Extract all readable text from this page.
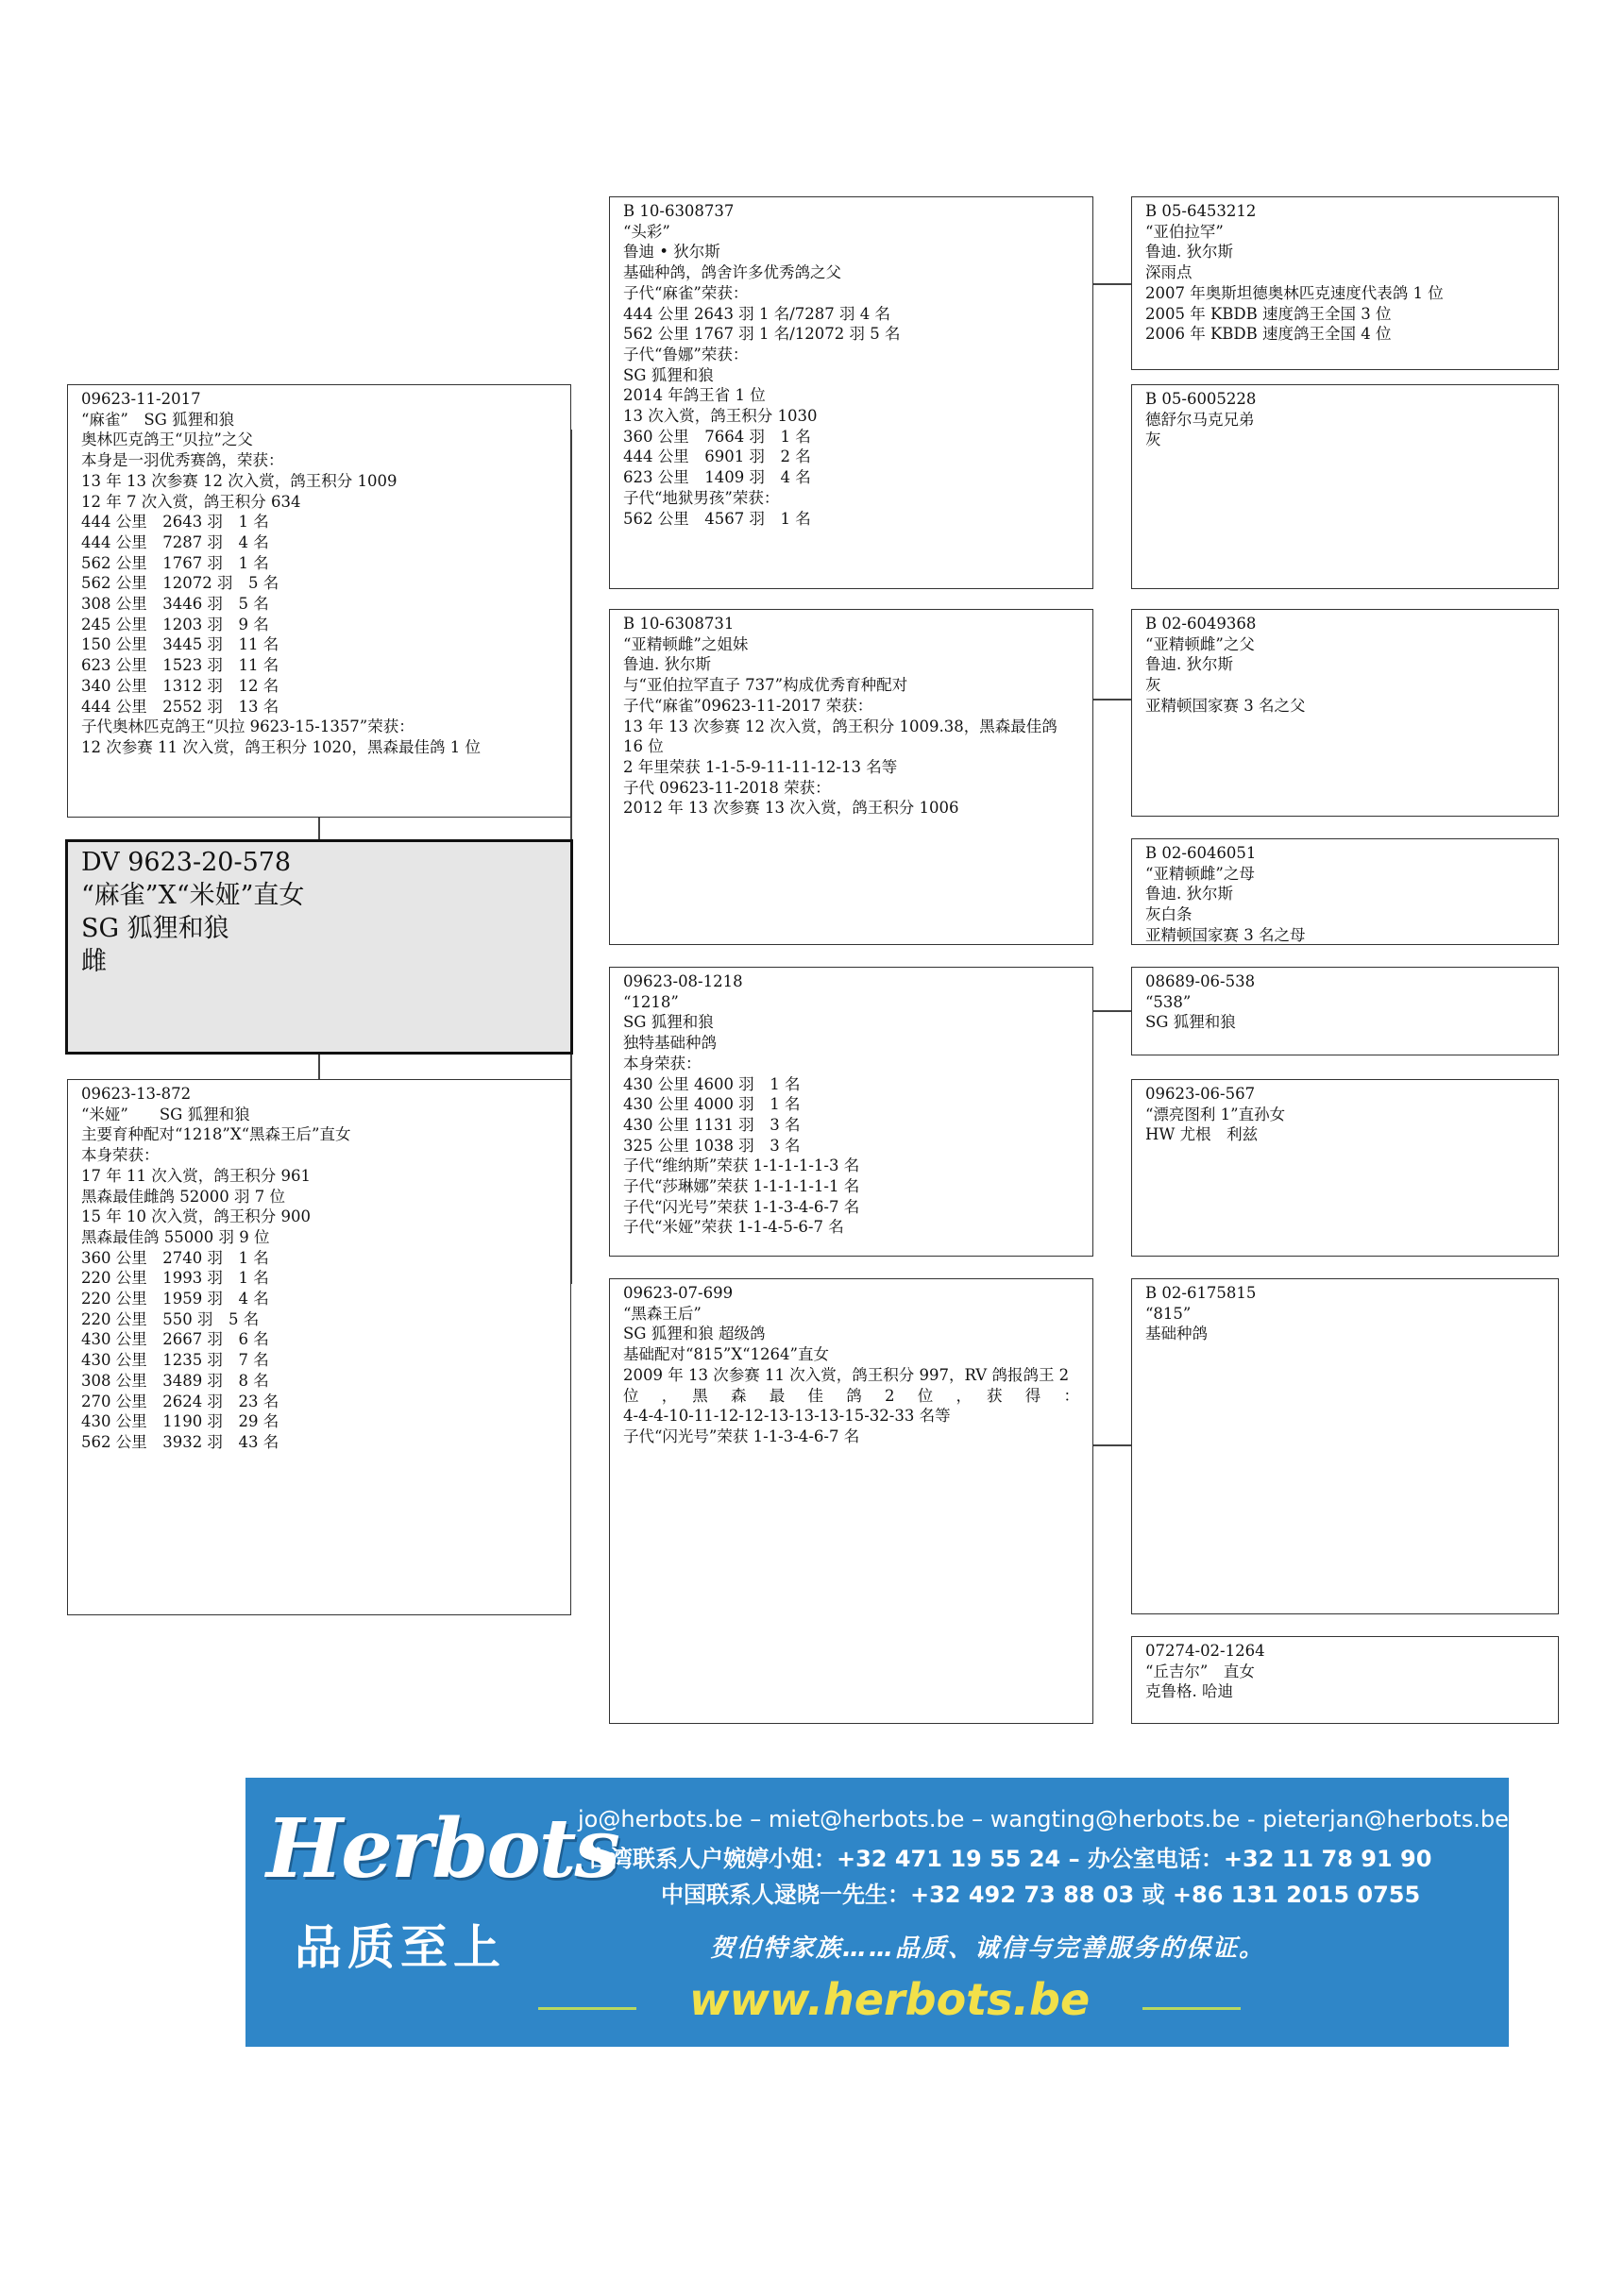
09623-11-2017
“麻雀”　SG 狐狸和狼
奥林匹克鸽王“贝拉”之父
本身是一羽优秀赛鸽，荣获：
13 年 13 次参赛 12 次入赏，鸽王积分 1009
12 年 7 次入赏，鸽王积分 634
444 公里　2643 羽　1 名
444 公里　7287 羽　4 名
562 公里　1767 羽　1 名
562 公里　12072 羽　5 名
308 公里　3446 羽　5 名
245 公里　1203 羽　9 名
150 公里　3445 羽　11 名
623 公里　1523 羽　11 名
340 公里　1312 羽　12 名
444 公里　2552 羽　13 名
子代奥林匹克鸽王“贝拉 9623-15-1357”荣获：
12 次参赛 11 次入赏，鸽王积分 1020，黑森最佳鸽 1 位
DV 9623-20-578
“麻雀”X“米娅”直女
SG 狐狸和狼
雌
09623-13-872
“米娅”　　SG 狐狸和狼
主要育种配对“1218”X“黑森王后”直女
本身荣获：
17 年 11 次入赏，鸽王积分 961
黑森最佳雌鸽 52000 羽 7 位
15 年 10 次入赏，鸽王积分 900
黑森最佳鸽 55000 羽 9 位
360 公里　2740 羽　1 名
220 公里　1993 羽　1 名
220 公里　1959 羽　4 名
220 公里　550 羽　5 名
430 公里　2667 羽　6 名
430 公里　1235 羽　7 名
308 公里　3489 羽　8 名
270 公里　2624 羽　23 名
430 公里　1190 羽　29 名
562 公里　3932 羽　43 名
B 10-6308737
“头彩”
鲁迪 • 狄尔斯
基础种鸽，鸽舍许多优秀鸽之父
子代“麻雀”荣获：
444 公里 2643 羽 1 名/7287 羽 4 名
562 公里 1767 羽 1 名/12072 羽 5 名
子代“鲁娜”荣获：
SG 狐狸和狼
2014 年鸽王省 1 位
13 次入赏，鸽王积分 1030
360 公里　7664 羽　1 名
444 公里　6901 羽　2 名
623 公里　1409 羽　4 名
子代“地狱男孩”荣获：
562 公里　4567 羽　1 名
B 10-6308731
“亚精顿雌”之姐妹
鲁迪. 狄尔斯
与“亚伯拉罕直子 737”构成优秀育种配对
子代“麻雀”09623-11-2017 荣获：
13 年 13 次参赛 12 次入赏，鸽王积分 1009.38，黑森最佳鸽
16 位
2 年里荣获 1-1-5-9-11-11-12-13 名等
子代 09623-11-2018 荣获：
2012 年 13 次参赛 13 次入赏，鸽王积分 1006
09623-08-1218
“1218”
SG 狐狸和狼
独特基础种鸽
本身荣获：
430 公里 4600 羽　1 名
430 公里 4000 羽　1 名
430 公里 1131 羽　3 名
325 公里 1038 羽　3 名
子代“维纳斯”荣获 1-1-1-1-1-3 名
子代“莎琳娜”荣获 1-1-1-1-1-1 名
子代“闪光号”荣获 1-1-3-4-6-7 名
子代“米娅”荣获 1-1-4-5-6-7 名
09623-07-699
“黑森王后”
SG 狐狸和狼 超级鸽
基础配对“815”X“1264”直女
2009 年 13 次参赛 11 次入赏，鸽王积分 997，RV 鸽报鸽王 2
位　，　黑　森　最　佳　鸽　2　位　，　获　得　：
4-4-4-10-11-12-12-13-13-13-15-32-33 名等
子代“闪光号”荣获 1-1-3-4-6-7 名
B 05-6453212
“亚伯拉罕”
鲁迪. 狄尔斯
深雨点
2007 年奥斯坦德奥林匹克速度代表鸽 1 位
2005 年 KBDB 速度鸽王全国 3 位
2006 年 KBDB 速度鸽王全国 4 位
B 05-6005228
德舒尔马克兄弟
灰
B 02-6049368
“亚精顿雌”之父
鲁迪. 狄尔斯
灰
亚精顿国家赛 3 名之父
B 02-6046051
“亚精顿雌”之母
鲁迪. 狄尔斯
灰白条
亚精顿国家赛 3 名之母
08689-06-538
“538”
SG 狐狸和狼
09623-06-567
“漂亮图利 1”直孙女
HW 尤根　利兹
B 02-6175815
“815”
基础种鸽
07274-02-1264
“丘吉尔”　直女
克鲁格. 哈迪
Herbots
品质至上
jo@herbots.be – miet@herbots.be – wangting@herbots.be - pieterjan@herbots.be
台湾联系人户婉婷小姐：+32 471 19 55 24 – 办公室电话：+32 11 78 91 90
中国联系人逯晓一先生：+32 492 73 88 03 或 +86 131 2015 0755
贺伯特家族……品质、诚信与完善服务的保证。
www.herbots.be
